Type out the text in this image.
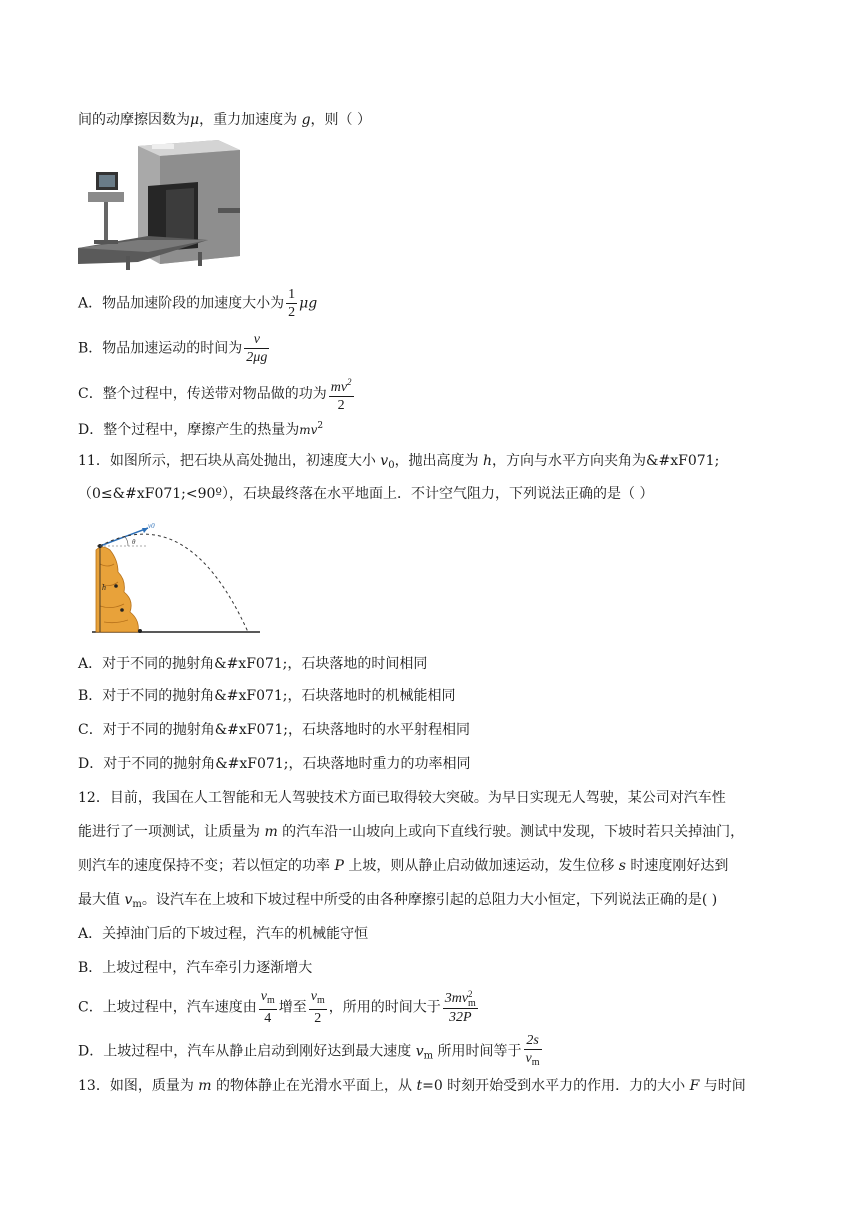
间的动摩擦因数为μ，重力加速度为 g，则（ ）
A．物品加速阶段的加速度大小为 $\frac{1}{2}$ μg
B．物品加速运动的时间为 $\frac{v}{2\mu g}$
C．整个过程中，传送带对物品做的功为 $\frac{mv^2}{2}$
D．整个过程中，摩擦产生的热量为$mv^2$
11．如图所示，把石块从高处抛出，初速度大小 $v_0$，抛出高度为 h，方向与水平方向夹角为&#xF071;
（0≤&#xF071;<90º），石块最终落在水平地面上．不计空气阻力，下列说法正确的是（ ）
h
v0
θ
A．对于不同的抛射角&#xF071;，石块落地的时间相同
B．对于不同的抛射角&#xF071;，石块落地时的机械能相同
C．对于不同的抛射角&#xF071;，石块落地时的水平射程相同
D．对于不同的抛射角&#xF071;，石块落地时重力的功率相同
12．目前，我国在人工智能和无人驾驶技术方面已取得较大突破。为早日实现无人驾驶，某公司对汽车性
能进行了一项测试，让质量为 m 的汽车沿一山坡向上或向下直线行驶。测试中发现，下坡时若只关掉油门，
则汽车的速度保持不变；若以恒定的功率 P 上坡，则从静止启动做加速运动，发生位移 s 时速度刚好达到
最大值 $v_m$。设汽车在上坡和下坡过程中所受的由各种摩擦引起的总阻力大小恒定，下列说法正确的是( )
A．关掉油门后的下坡过程，汽车的机械能守恒
B．上坡过程中，汽车牵引力逐渐增大
C．上坡过程中，汽车速度由 $\frac{v_m}{4}$ 增至 $\frac{v_m}{2}$ ，所用的时间大于 3mv 2
m
32P
D．上坡过程中，汽车从静止启动到刚好达到最大速度 $v_m$ 所用时间等于 $\frac{2s}{v_m}$
13．如图，质量为 m 的物体静止在光滑水平面上，从 t=0 时刻开始受到水平力的作用．力的大小 F 与时间
